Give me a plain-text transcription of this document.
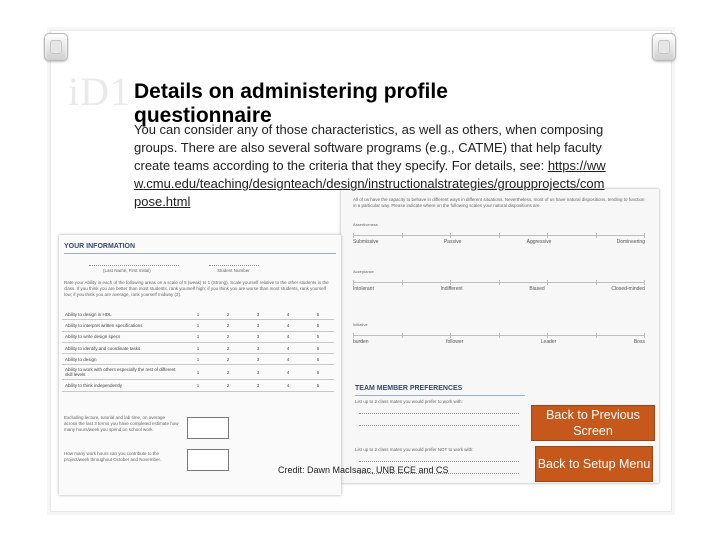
iD1 Details on administering profile questionnaire
All of us have the capacity to behave in different ways in different situations. Nevertheless, most of us have natural dispositions, tending to function in a particular way. Please indicate where on the following scales your natural dispositions are.
Assertiveness
Submissive	Passive	Aggressive	Domineering
Acceptance
Intolerant	Indifferent	Biased	Closed-minded
Initiative
burden	follower	Leader	Boss
TEAM MEMBER PREFERENCES
List up to 2 class mates you would prefer to work with:
List up to 2 class mates you would prefer NOT to work with:
YOUR INFORMATION
(Last Name, First Initial)	Student Number
Rate your Ability in each of the following areas on a scale of 5 (weak) to 1 (Strong). Scale yourself relative to the other students in the class. If you think you are better than most students, rank yourself high; if you think you are worse than most students, rank yourself low; if you think you are average, rank yourself midway (3).
Ability to design in HDL	1	2	3	4	5
Ability to interpret written specifications	1	2	3	4	5
Ability to write design specs	1	2	3	4	5
Ability to identify and coordinate tasks	1	2	3	4	5
Ability to design	1	2	3	4	5
Ability to work with others especially the rest of different skill levels	1	2	3	4	5
Ability to think independently	1	2	3	4	5
Excluding lecture, tutorial and lab time, on average across the last 3 terms you have completed estimate how many hours/week you spend on school work.
How many work hours can you contribute to the project/week throughout October and November.

You can consider any of those characteristics, as well as others, when composing groups. There are also several software programs (e.g., CATME) that help faculty create teams according to the criteria that they specify. For details, see: https://www.cmu.edu/teaching/designteach/design/instructionalstrategies/groupprojects/compose.html

Credit: Dawn MacIsaac, UNB ECE and CS
Back to Previous Screen
Back to Setup Menu
